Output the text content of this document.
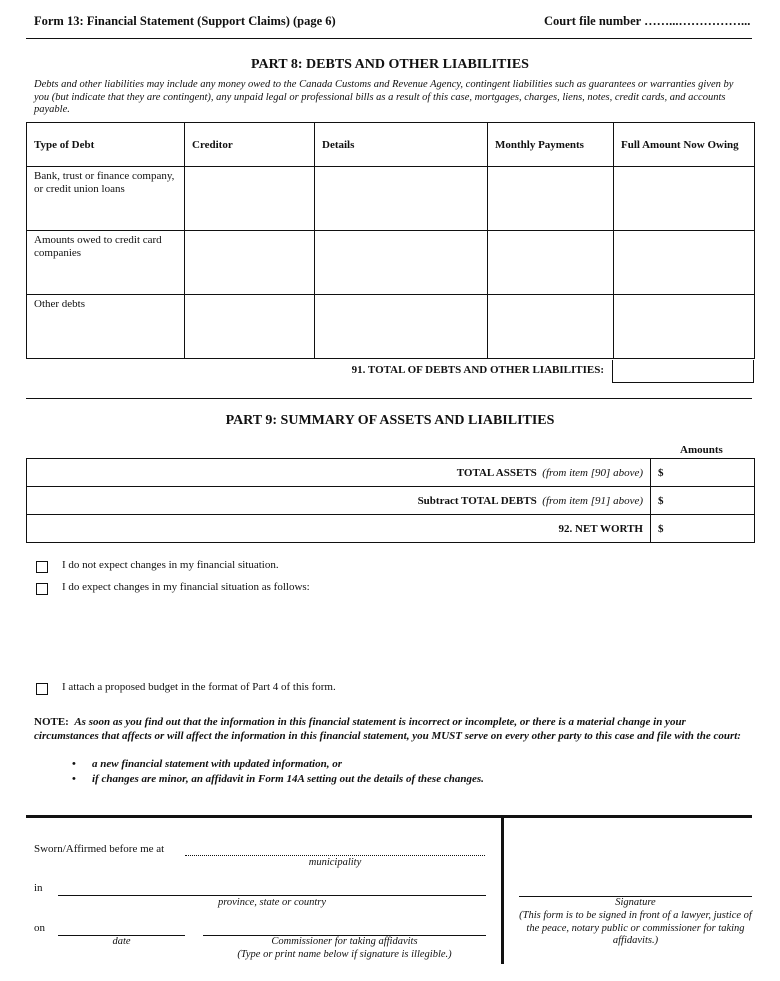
Form 13: Financial Statement (Support Claims) (page 6)	Court file number ……...……………...
PART 8: DEBTS AND OTHER LIABILITIES
Debts and other liabilities may include any money owed to the Canada Customs and Revenue Agency, contingent liabilities such as guarantees or warranties given by you (but indicate that they are contingent), any unpaid legal or professional bills as a result of this case, mortgages, charges, liens, notes, credit cards, and accounts payable.
Type of Debt	Creditor	Details	Monthly Payments	Full Amount Now Owing
Bank, trust or finance company, or credit union loans				
Amounts owed to credit card companies				
Other debts				
91. TOTAL OF DEBTS AND OTHER LIABILITIES:
PART 9: SUMMARY OF ASSETS AND LIABILITIES
Amounts
TOTAL ASSETS (from item [90] above)	$
Subtract TOTAL DEBTS (from item [91] above)	$
92. NET WORTH	$
I do not expect changes in my financial situation.
I do expect changes in my financial situation as follows:
I attach a proposed budget in the format of Part 4 of this form.
NOTE: As soon as you find out that the information in this financial statement is incorrect or incomplete, or there is a material change in your circumstances that affects or will affect the information in this financial statement, you MUST serve on every other party to this case and file with the court:
• a new financial statement with updated information, or
• if changes are minor, an affidavit in Form 14A setting out the details of these changes.
Sworn/Affirmed before me at
municipality
in
province, state or country
on
date	Commissioner for taking affidavits
(Type or print name below if signature is illegible.)
Signature
(This form is to be signed in front of a lawyer, justice of the peace, notary public or commissioner for taking affidavits.)
